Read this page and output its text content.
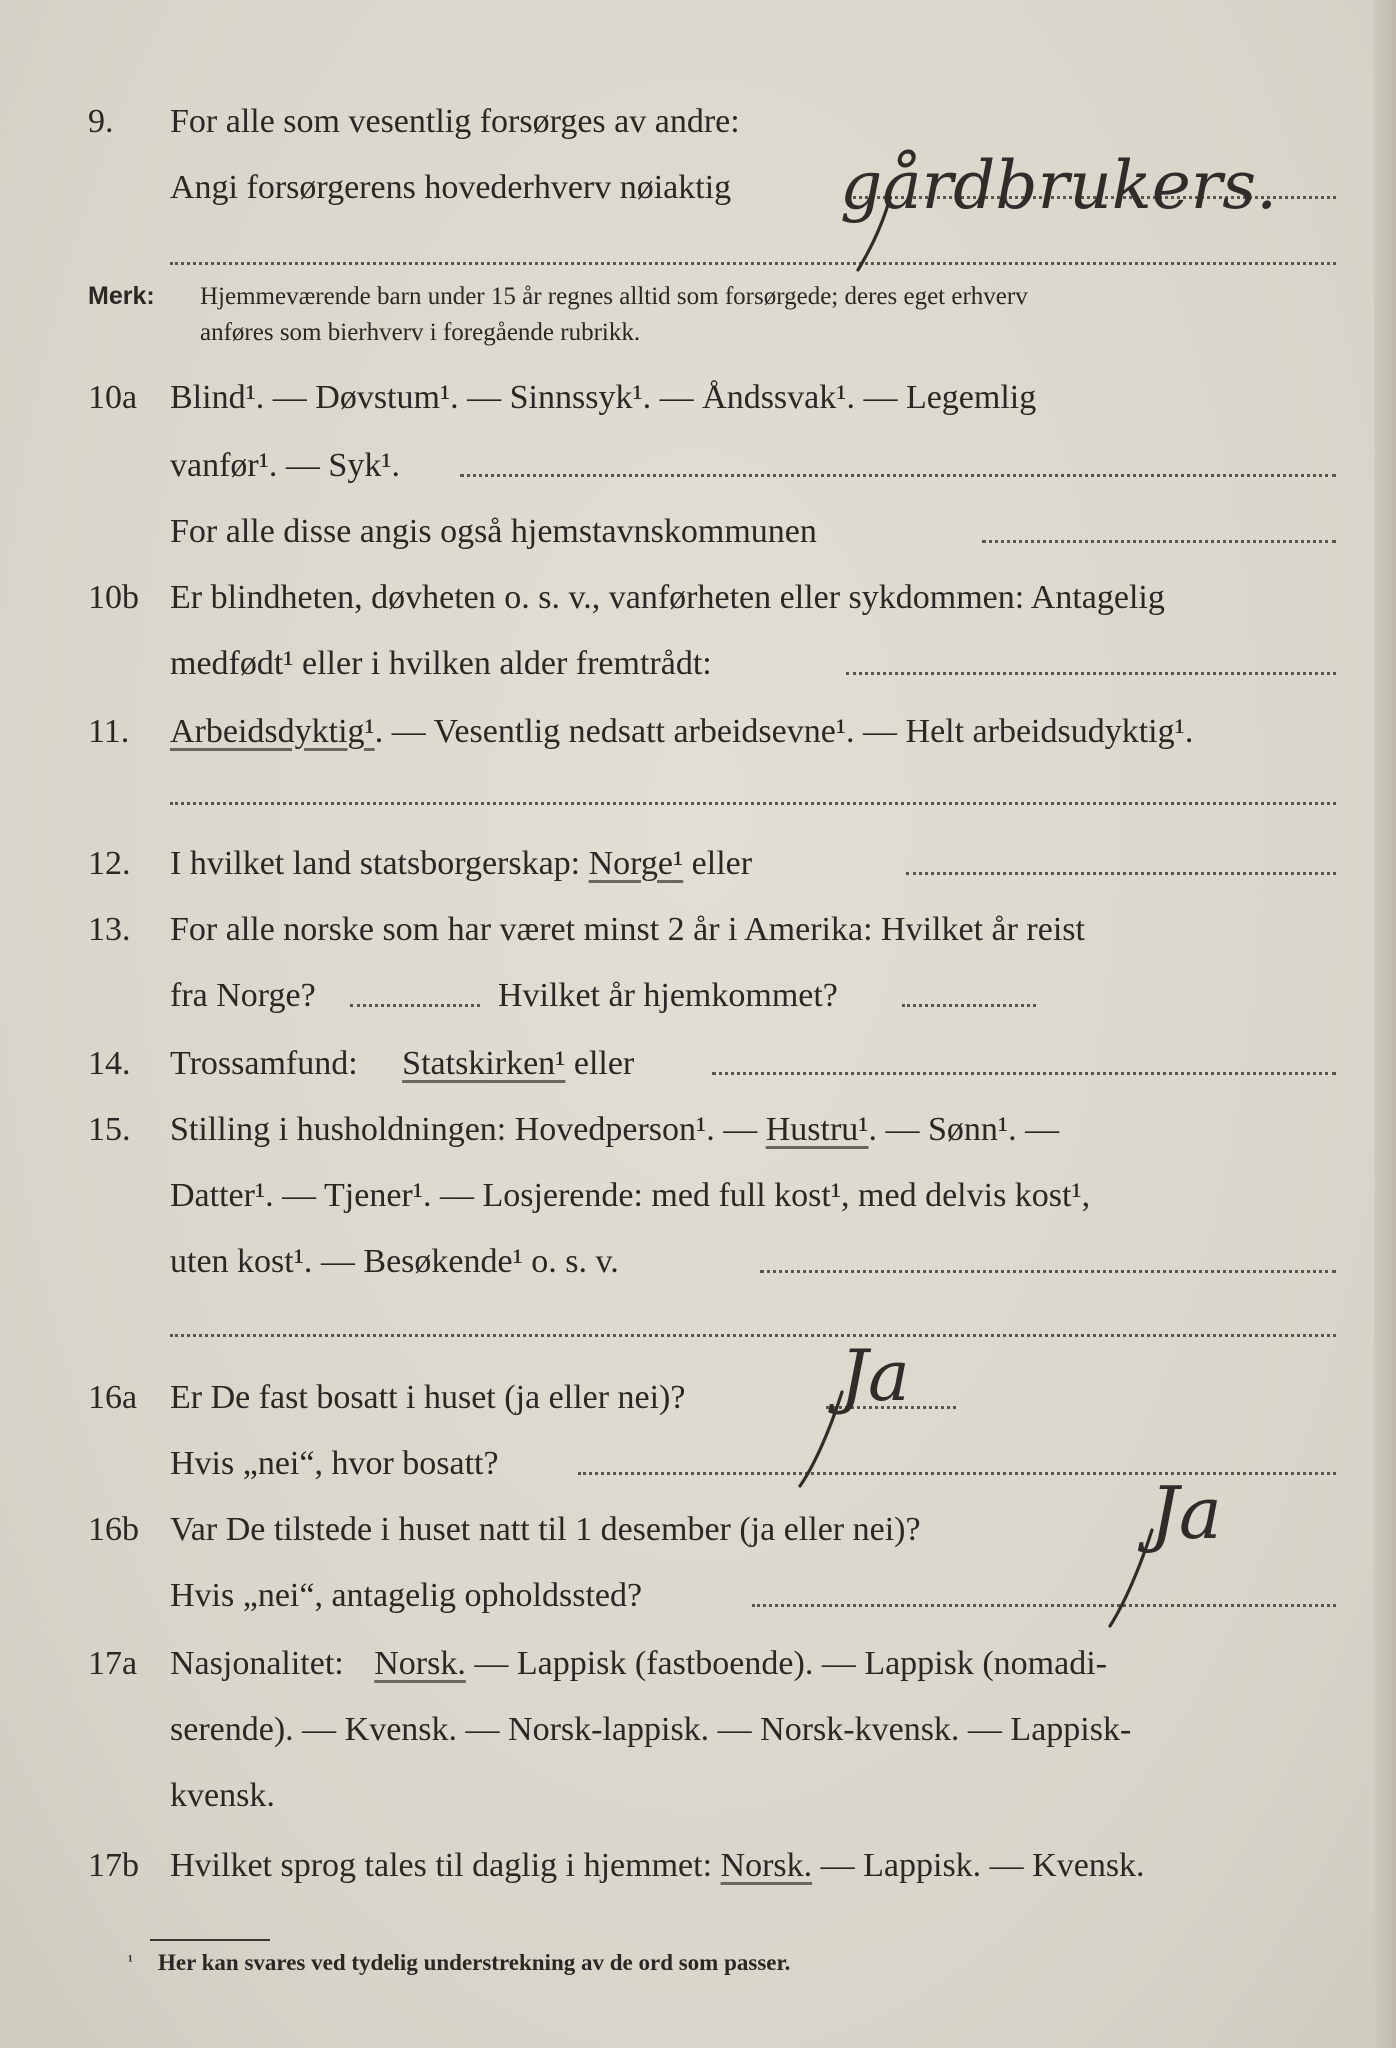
9. For alle som vesentlig forsørges av andre:
Angi forsørgerens hovederhverv nøiaktig gårdbrukers.
Merk: Hjemmeværende barn under 15 år regnes alltid som forsørgede; deres eget erhverv
anføres som bierhverv i foregående rubrikk.
10a Blind¹. — Døvstum¹. — Sinnssyk¹. — Åndssvak¹. — Legemlig
vanfør¹. — Syk¹.
For alle disse angis også hjemstavnskommunen
10b Er blindheten, døvheten o. s. v., vanførheten eller sykdommen: Antagelig
medfødt¹ eller i hvilken alder fremtrådt:
11. Arbeidsdyktig¹. — Vesentlig nedsatt arbeidsevne¹. — Helt arbeidsudyktig¹.
12. I hvilket land statsborgerskap: Norge¹ eller
13. For alle norske som har været minst 2 år i Amerika: Hvilket år reist
fra Norge?	Hvilket år hjemkommet?
14. Trossamfund: Statskirken¹ eller
15. Stilling i husholdningen: Hovedperson¹. — Hustru¹. — Sønn¹. —
Datter¹. — Tjener¹. — Losjerende: med full kost¹, med delvis kost¹,
uten kost¹. — Besøkende¹ o. s. v.
16a Er De fast bosatt i huset (ja eller nei)?
Hvis „nei“, hvor bosatt?
Ja
16b Var De tilstede i huset natt til 1 desember (ja eller nei)?
Hvis „nei“, antagelig opholdssted?
Ja
17a Nasjonalitet: Norsk. — Lappisk (fastboende). — Lappisk (nomadi-
serende). — Kvensk. — Norsk-lappisk. — Norsk-kvensk. — Lappisk-
kvensk.
17b Hvilket sprog tales til daglig i hjemmet: Norsk. — Lappisk. — Kvensk.
¹ Her kan svares ved tydelig understrekning av de ord som passer.
